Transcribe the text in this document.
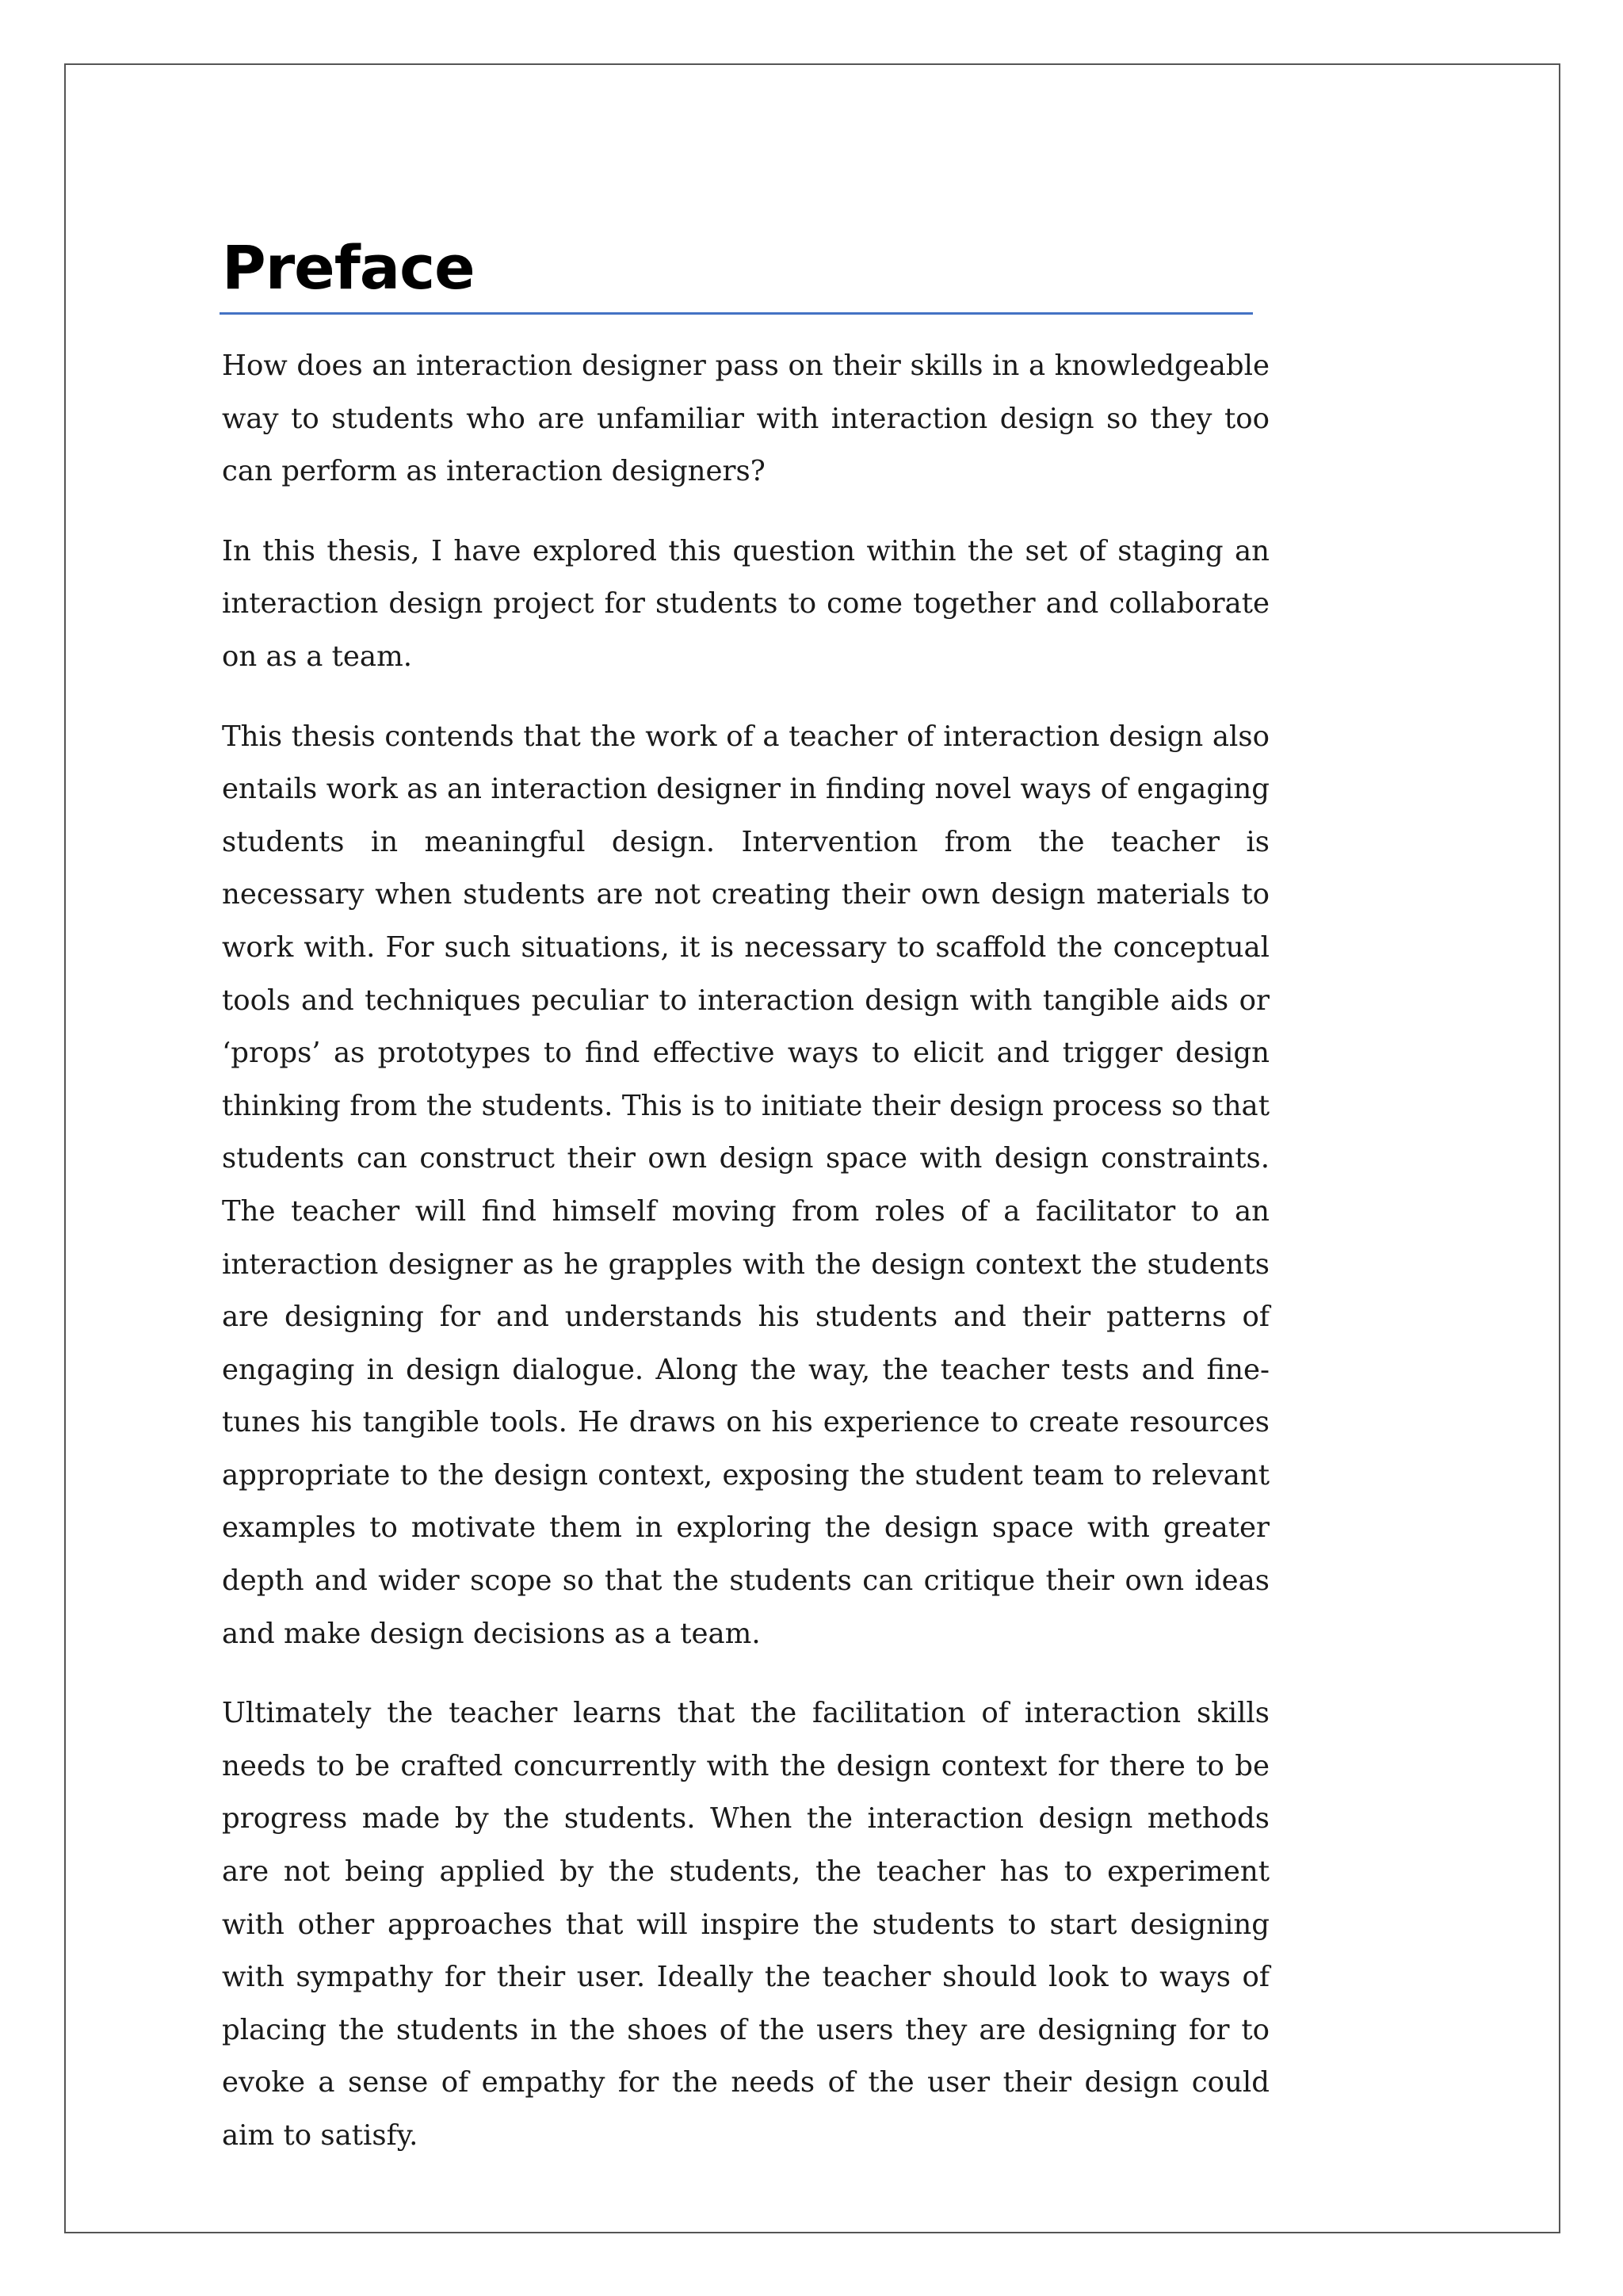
Preface

How does an interaction designer pass on their skills in a knowledgeable way to students who are unfamiliar with interaction design so they too can perform as interaction designers?

In this thesis, I have explored this question within the set of staging an interaction design project for students to come together and collaborate on as a team.

This thesis contends that the work of a teacher of interaction design also entails work as an interaction designer in finding novel ways of engaging students in meaningful design. Intervention from the teacher is necessary when students are not creating their own design materials to work with. For such situations, it is necessary to scaffold the conceptual tools and techniques peculiar to interaction design with tangible aids or ‘props’ as prototypes to find effective ways to elicit and trigger design thinking from the students. This is to initiate their design process so that students can construct their own design space with design constraints. The teacher will find himself moving from roles of a facilitator to an interaction designer as he grapples with the design context the students are designing for and understands his students and their patterns of engaging in design dialogue. Along the way, the teacher tests and fine-tunes his tangible tools. He draws on his experience to create resources appropriate to the design context, exposing the student team to relevant examples to motivate them in exploring the design space with greater depth and wider scope so that the students can critique their own ideas and make design decisions as a team.

Ultimately the teacher learns that the facilitation of interaction skills needs to be crafted concurrently with the design context for there to be progress made by the students. When the interaction design methods are not being applied by the students, the teacher has to experiment with other approaches that will inspire the students to start designing with sympathy for their user. Ideally the teacher should look to ways of placing the students in the shoes of the users they are designing for to evoke a sense of empathy for the needs of the user their design could aim to satisfy.
